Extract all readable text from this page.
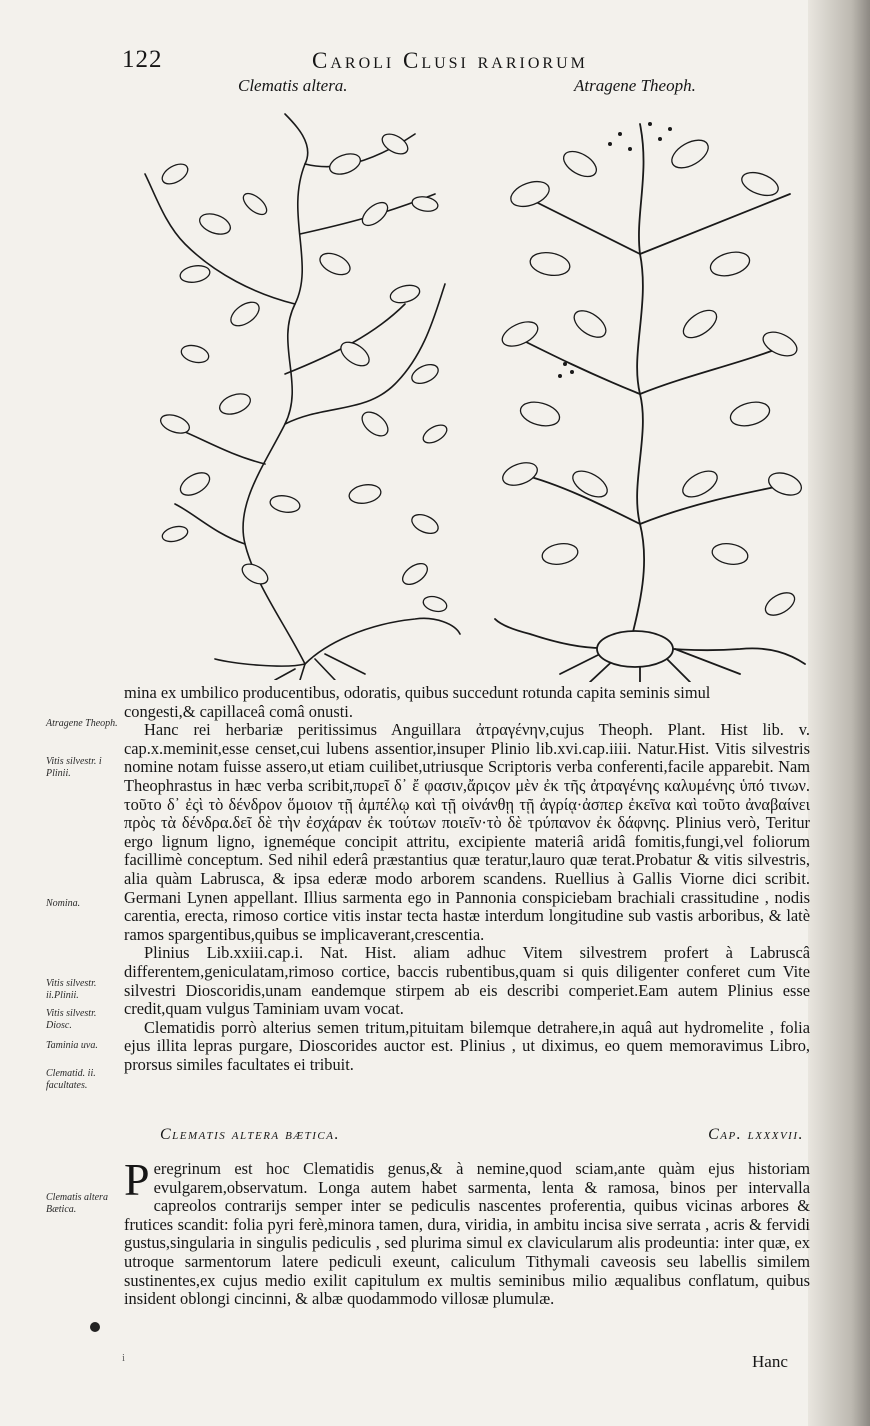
122	Caroli Clusi rariorum
Clematis altera.	Atragene Theoph.
Atragene Theoph.
Vitis silvestr. i Plinii.
Nomina.
Vitis silvestr. ii.Plinii.
Vitis silvestr. Diosc.
Taminia uva.
Clematid. ii. facultates.
Clematis altera Bætica.

mina ex umbilico producentibus, odoratis, quibus succedunt rotunda capita seminis simul

congesti,& capillaceâ comâ onusti.

Hanc rei herbariæ peritissimus Anguillara ἀτραγένην,cujus Theoph. Plant. Hist lib. v. cap.x.meminit,esse censet,cui lubens assentior,insuper Plinio lib.xvi.cap.iiii. Natur.Hist. Vitis silvestris nomine notam fuisse assero,ut etiam cuilibet,utriusque Scriptoris verba conferenti,facile apparebit. Nam Theophrastus in hæc verba scribit,πυρεῖ δ᾽ ἔ φασιν,ἄριςον μὲν ἐκ τῆς ἀτραγένης καλυμένης ὑπό τινων. τοῦτο δ᾽ ἐςὶ τὸ δένδρον ὅμοιον τῇ ἀμπέλῳ καὶ τῇ οἰνάνθῃ τῇ ἀγρίᾳ·ἀσπερ ἐκεῖνα καὶ τοῦτο ἀναβαίνει πρὸς τὰ δένδρα.δεῖ δὲ τὴν ἐσχάραν ἐκ τούτων ποιεῖν·τὸ δὲ τρύπανον ἐκ δάφνης. Plinius verò, Teritur ergo lignum ligno, igneméque concipit attritu, excipiente materiâ aridâ fomitis,fungi,vel foliorum facillimè conceptum. Sed nihil ederâ præstantius quæ teratur,lauro quæ terat.Probatur & vitis silvestris, alia quàm Labrusca, & ipsa ederæ modo arborem scandens. Ruellius à Gallis Viorne dici scribit. Germani Lynen appellant. Illius sarmenta ego in Pannonia conspiciebam brachiali crassitudine , nodis carentia, erecta, rimoso cortice vitis instar tecta hastæ interdum longitudine sub vastis arboribus, & latè ramos spargentibus,quibus se implicaverant,crescentia.

Plinius Lib.xxiii.cap.i. Nat. Hist. aliam adhuc Vitem silvestrem profert à Labruscâ differentem,geniculatam,rimoso cortice, baccis rubentibus,quam si quis diligenter conferet cum Vite silvestri Dioscoridis,unam eandemque stirpem ab eis describi comperiet.Eam autem Plinius esse credit,quam vulgus Taminiam uvam vocat.

Clematidis porrò alterius semen tritum,pituitam bilemque detrahere,in aquâ aut hydromelite , folia ejus illita lepras purgare, Dioscorides auctor est. Plinius , ut diximus, eo quem memoravimus Libro, prorsus similes facultates ei tribuit.

Clematis altera bætica.	Cap. lxxxvii.

Peregrinum est hoc Clematidis genus,& à nemine,quod sciam,ante quàm ejus historiam evulgarem,observatum. Longa autem habet sarmenta, lenta & ramosa, binos per intervalla capreolos contrarijs semper inter se pediculis nascentes proferentia, quibus vicinas arbores & frutices scandit: folia pyri ferè,minora tamen, dura, viridia, in ambitu incisa sive serrata , acris & fervidi gustus,singularia in singulis pediculis , sed plurima simul ex clavicularum alis prodeuntia: inter quæ, ex utroque sarmentorum latere pediculi exeunt, caliculum Tithymali caveosis seu labellis similem sustinentes,ex cujus medio exilit capitulum ex multis seminibus milio æqualibus conflatum, quibus insident oblongi cincinni, & albæ quodammodo villosæ plumulæ.

i	Hanc
